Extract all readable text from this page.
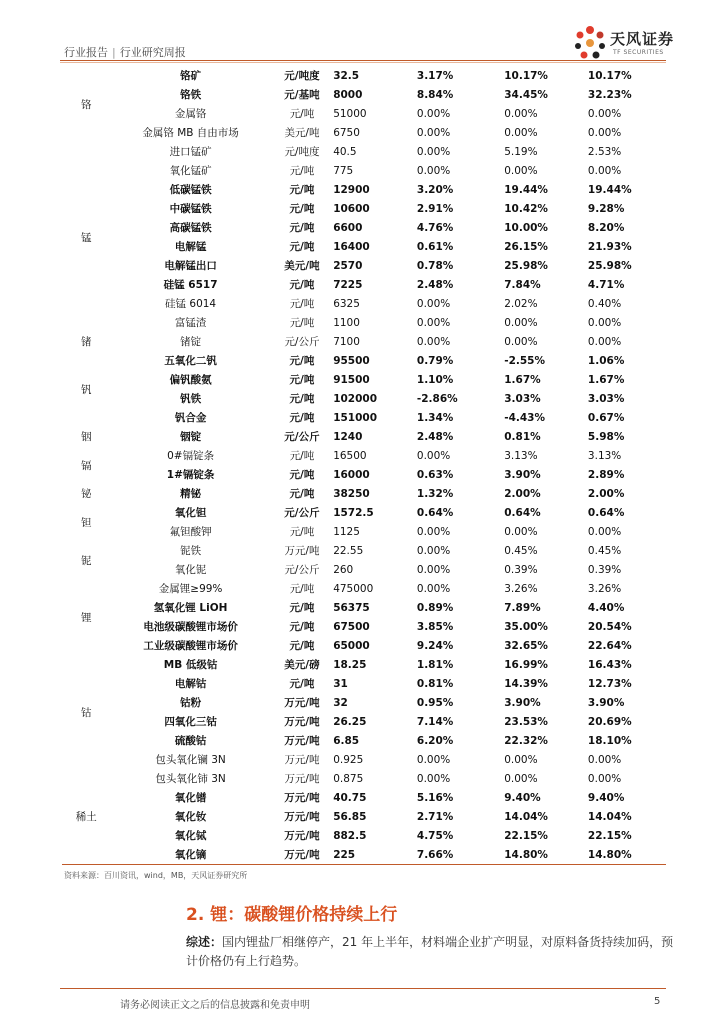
行业报告 | 行业研究周报
天风证券
TF SECURITIES
铬	铬矿	元/吨度	32.5	3.17%	10.17%	10.17%
	铬铁	元/基吨	8000	8.84%	34.45%	32.23%
	金属铬	元/吨	51000	0.00%	0.00%	0.00%
	金属铬 MB 自由市场	美元/吨	6750	0.00%	0.00%	0.00%
锰	进口锰矿	元/吨度	40.5	0.00%	5.19%	2.53%
	氧化锰矿	元/吨	775	0.00%	0.00%	0.00%
	低碳锰铁	元/吨	12900	3.20%	19.44%	19.44%
	中碳锰铁	元/吨	10600	2.91%	10.42%	9.28%
	高碳锰铁	元/吨	6600	4.76%	10.00%	8.20%
	电解锰	元/吨	16400	0.61%	26.15%	21.93%
	电解锰出口	美元/吨	2570	0.78%	25.98%	25.98%
	硅锰 6517	元/吨	7225	2.48%	7.84%	4.71%
	硅锰 6014	元/吨	6325	0.00%	2.02%	0.40%
	富锰渣	元/吨	1100	0.00%	0.00%	0.00%
锗	锗锭	元/公斤	7100	0.00%	0.00%	0.00%
钒	五氧化二钒	元/吨	95500	0.79%	-2.55%	1.06%
	偏钒酸氨	元/吨	91500	1.10%	1.67%	1.67%
	钒铁	元/吨	102000	-2.86%	3.03%	3.03%
	钒合金	元/吨	151000	1.34%	-4.43%	0.67%
铟	铟锭	元/公斤	1240	2.48%	0.81%	5.98%
镉	0#镉锭条	元/吨	16500	0.00%	3.13%	3.13%
	1#镉锭条	元/吨	16000	0.63%	3.90%	2.89%
铋	精铋	元/吨	38250	1.32%	2.00%	2.00%
钽	氧化钽	元/公斤	1572.5	0.64%	0.64%	0.64%
	氟钽酸钾	元/吨	1125	0.00%	0.00%	0.00%
铌	铌铁	万元/吨	22.55	0.00%	0.45%	0.45%
	氧化铌	元/公斤	260	0.00%	0.39%	0.39%
锂	金属锂≥99%	元/吨	475000	0.00%	3.26%	3.26%
	氢氧化锂 LiOH	元/吨	56375	0.89%	7.89%	4.40%
	电池级碳酸锂市场价	元/吨	67500	3.85%	35.00%	20.54%
	工业级碳酸锂市场价	元/吨	65000	9.24%	32.65%	22.64%
钴	MB 低级钴	美元/磅	18.25	1.81%	16.99%	16.43%
	电解钴	元/吨	31	0.81%	14.39%	12.73%
	钴粉	万元/吨	32	0.95%	3.90%	3.90%
	四氧化三钴	万元/吨	26.25	7.14%	23.53%	20.69%
	硫酸钴	万元/吨	6.85	6.20%	22.32%	18.10%
	包头氧化镧 3N	万元/吨	0.925	0.00%	0.00%	0.00%
稀土	包头氧化铈 3N	万元/吨	0.875	0.00%	0.00%	0.00%
	氧化镨	万元/吨	40.75	5.16%	9.40%	9.40%
	氧化钕	万元/吨	56.85	2.71%	14.04%	14.04%
	氧化铽	万元/吨	882.5	4.75%	22.15%	22.15%
	氧化镝	万元/吨	225	7.66%	14.80%	14.80%
资料来源：百川资讯，wind，MB，天风证券研究所
2. 锂：碳酸锂价格持续上行
综述：国内锂盐厂相继停产，21 年上半年，材料端企业扩产明显，对原料备货持续加码，预计价格仍有上行趋势。
请务必阅读正文之后的信息披露和免责申明	5
